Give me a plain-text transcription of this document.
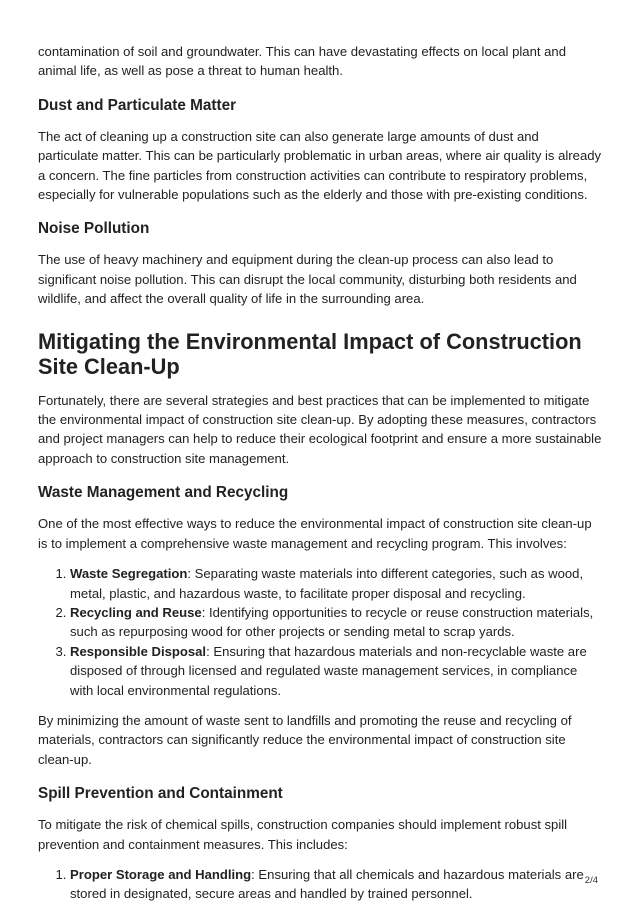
contamination of soil and groundwater. This can have devastating effects on local plant and animal life, as well as pose a threat to human health.

Dust and Particulate Matter

The act of cleaning up a construction site can also generate large amounts of dust and particulate matter. This can be particularly problematic in urban areas, where air quality is already a concern. The fine particles from construction activities can contribute to respiratory problems, especially for vulnerable populations such as the elderly and those with pre-existing conditions.

Noise Pollution

The use of heavy machinery and equipment during the clean-up process can also lead to significant noise pollution. This can disrupt the local community, disturbing both residents and wildlife, and affect the overall quality of life in the surrounding area.

Mitigating the Environmental Impact of Construction Site Clean-Up

Fortunately, there are several strategies and best practices that can be implemented to mitigate the environmental impact of construction site clean-up. By adopting these measures, contractors and project managers can help to reduce their ecological footprint and ensure a more sustainable approach to construction site management.

Waste Management and Recycling

One of the most effective ways to reduce the environmental impact of construction site clean-up is to implement a comprehensive waste management and recycling program. This involves:

1. Waste Segregation: Separating waste materials into different categories, such as wood, metal, plastic, and hazardous waste, to facilitate proper disposal and recycling.
2. Recycling and Reuse: Identifying opportunities to recycle or reuse construction materials, such as repurposing wood for other projects or sending metal to scrap yards.
3. Responsible Disposal: Ensuring that hazardous materials and non-recyclable waste are disposed of through licensed and regulated waste management services, in compliance with local environmental regulations.

By minimizing the amount of waste sent to landfills and promoting the reuse and recycling of materials, contractors can significantly reduce the environmental impact of construction site clean-up.

Spill Prevention and Containment

To mitigate the risk of chemical spills, construction companies should implement robust spill prevention and containment measures. This includes:

1. Proper Storage and Handling: Ensuring that all chemicals and hazardous materials are stored in designated, secure areas and handled by trained personnel.
2/4
